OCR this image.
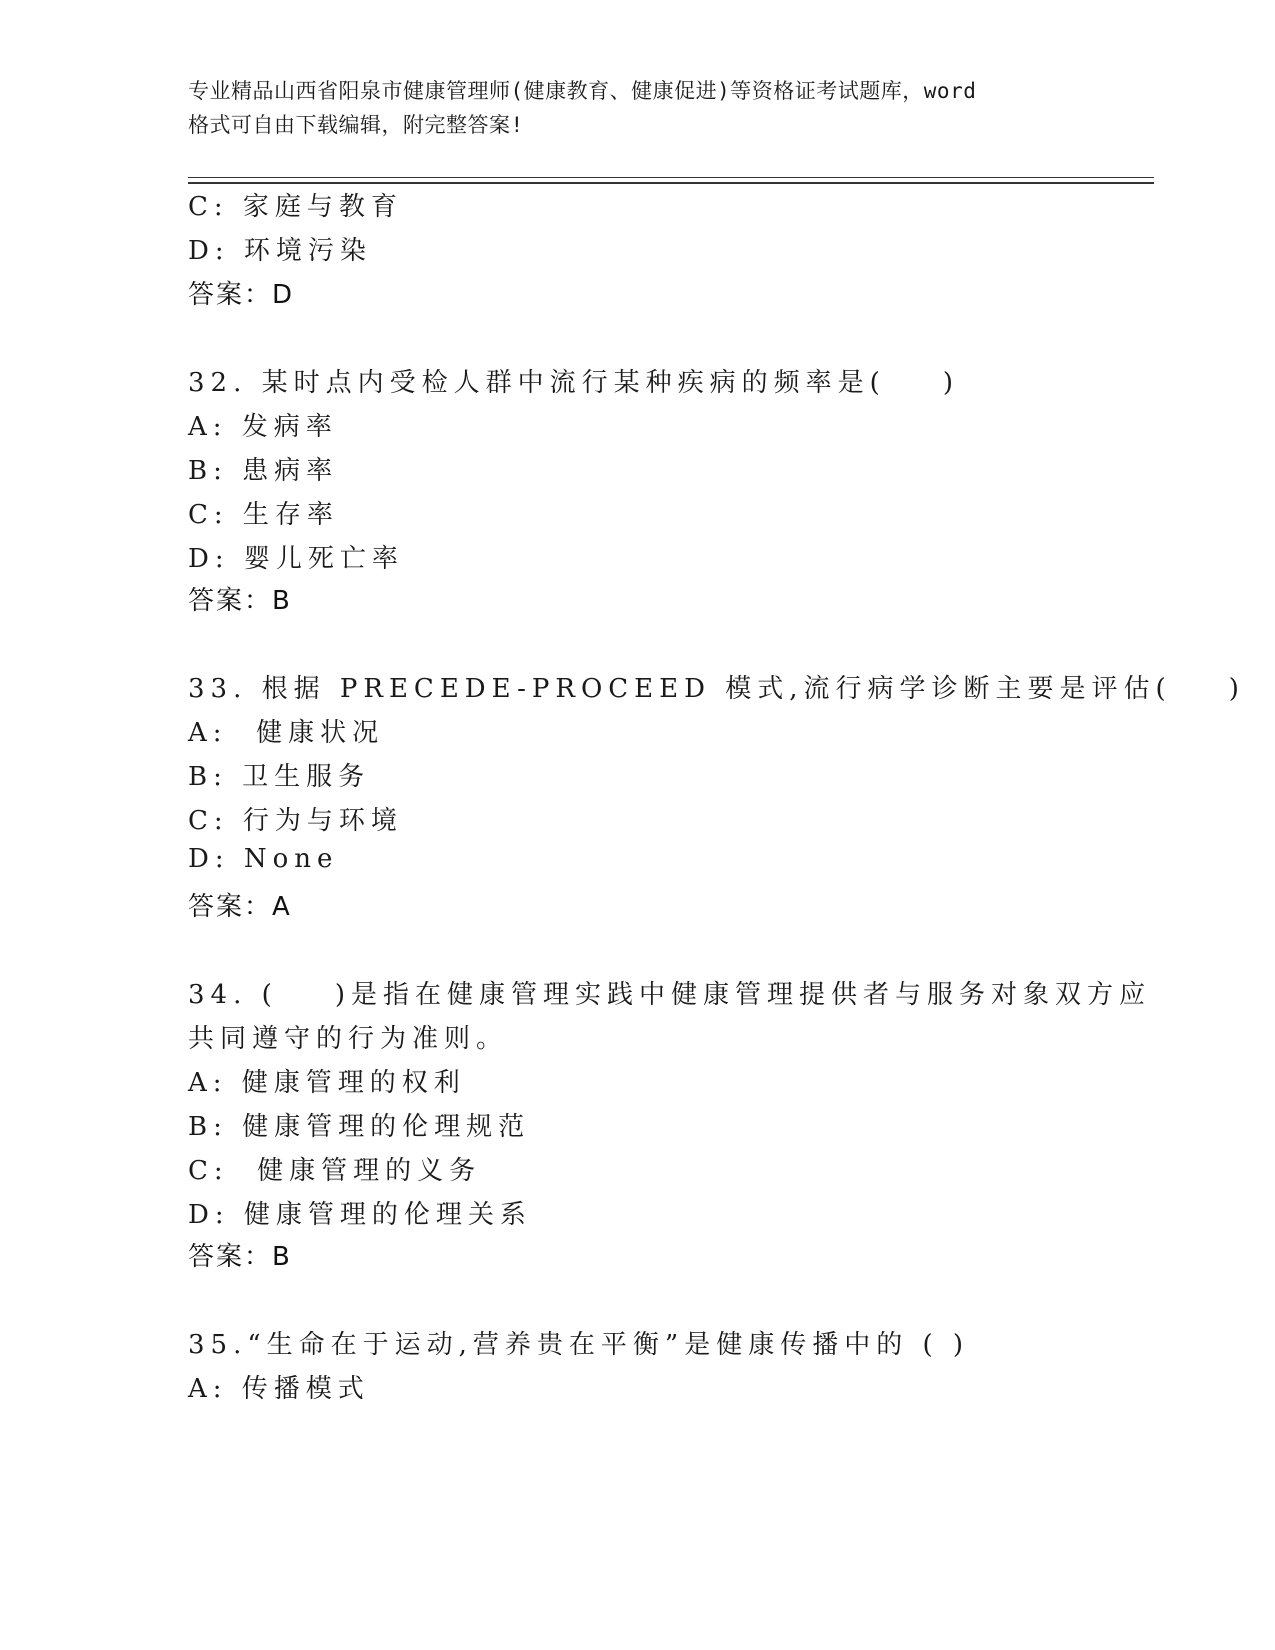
专业精品山西省阳泉市健康管理师(健康教育、健康促进)等资格证考试题库，word
格式可自由下载编辑，附完整答案!
C: 家庭与教育
D: 环境污染
答案：D
32. 某时点内受检人群中流行某种疾病的频率是(    )
A: 发病率
B: 患病率
C: 生存率
D: 婴儿死亡率
答案：B
33. 根据 PRECEDE-PROCEED 模式,流行病学诊断主要是评估(    )
A:  健康状况
B: 卫生服务
C: 行为与环境
D: None
答案：A
34. (    )是指在健康管理实践中健康管理提供者与服务对象双方应
共同遵守的行为准则。
A: 健康管理的权利
B: 健康管理的伦理规范
C:  健康管理的义务
D: 健康管理的伦理关系
答案：B
35.“生命在于运动,营养贵在平衡”是健康传播中的 ( )
A: 传播模式
